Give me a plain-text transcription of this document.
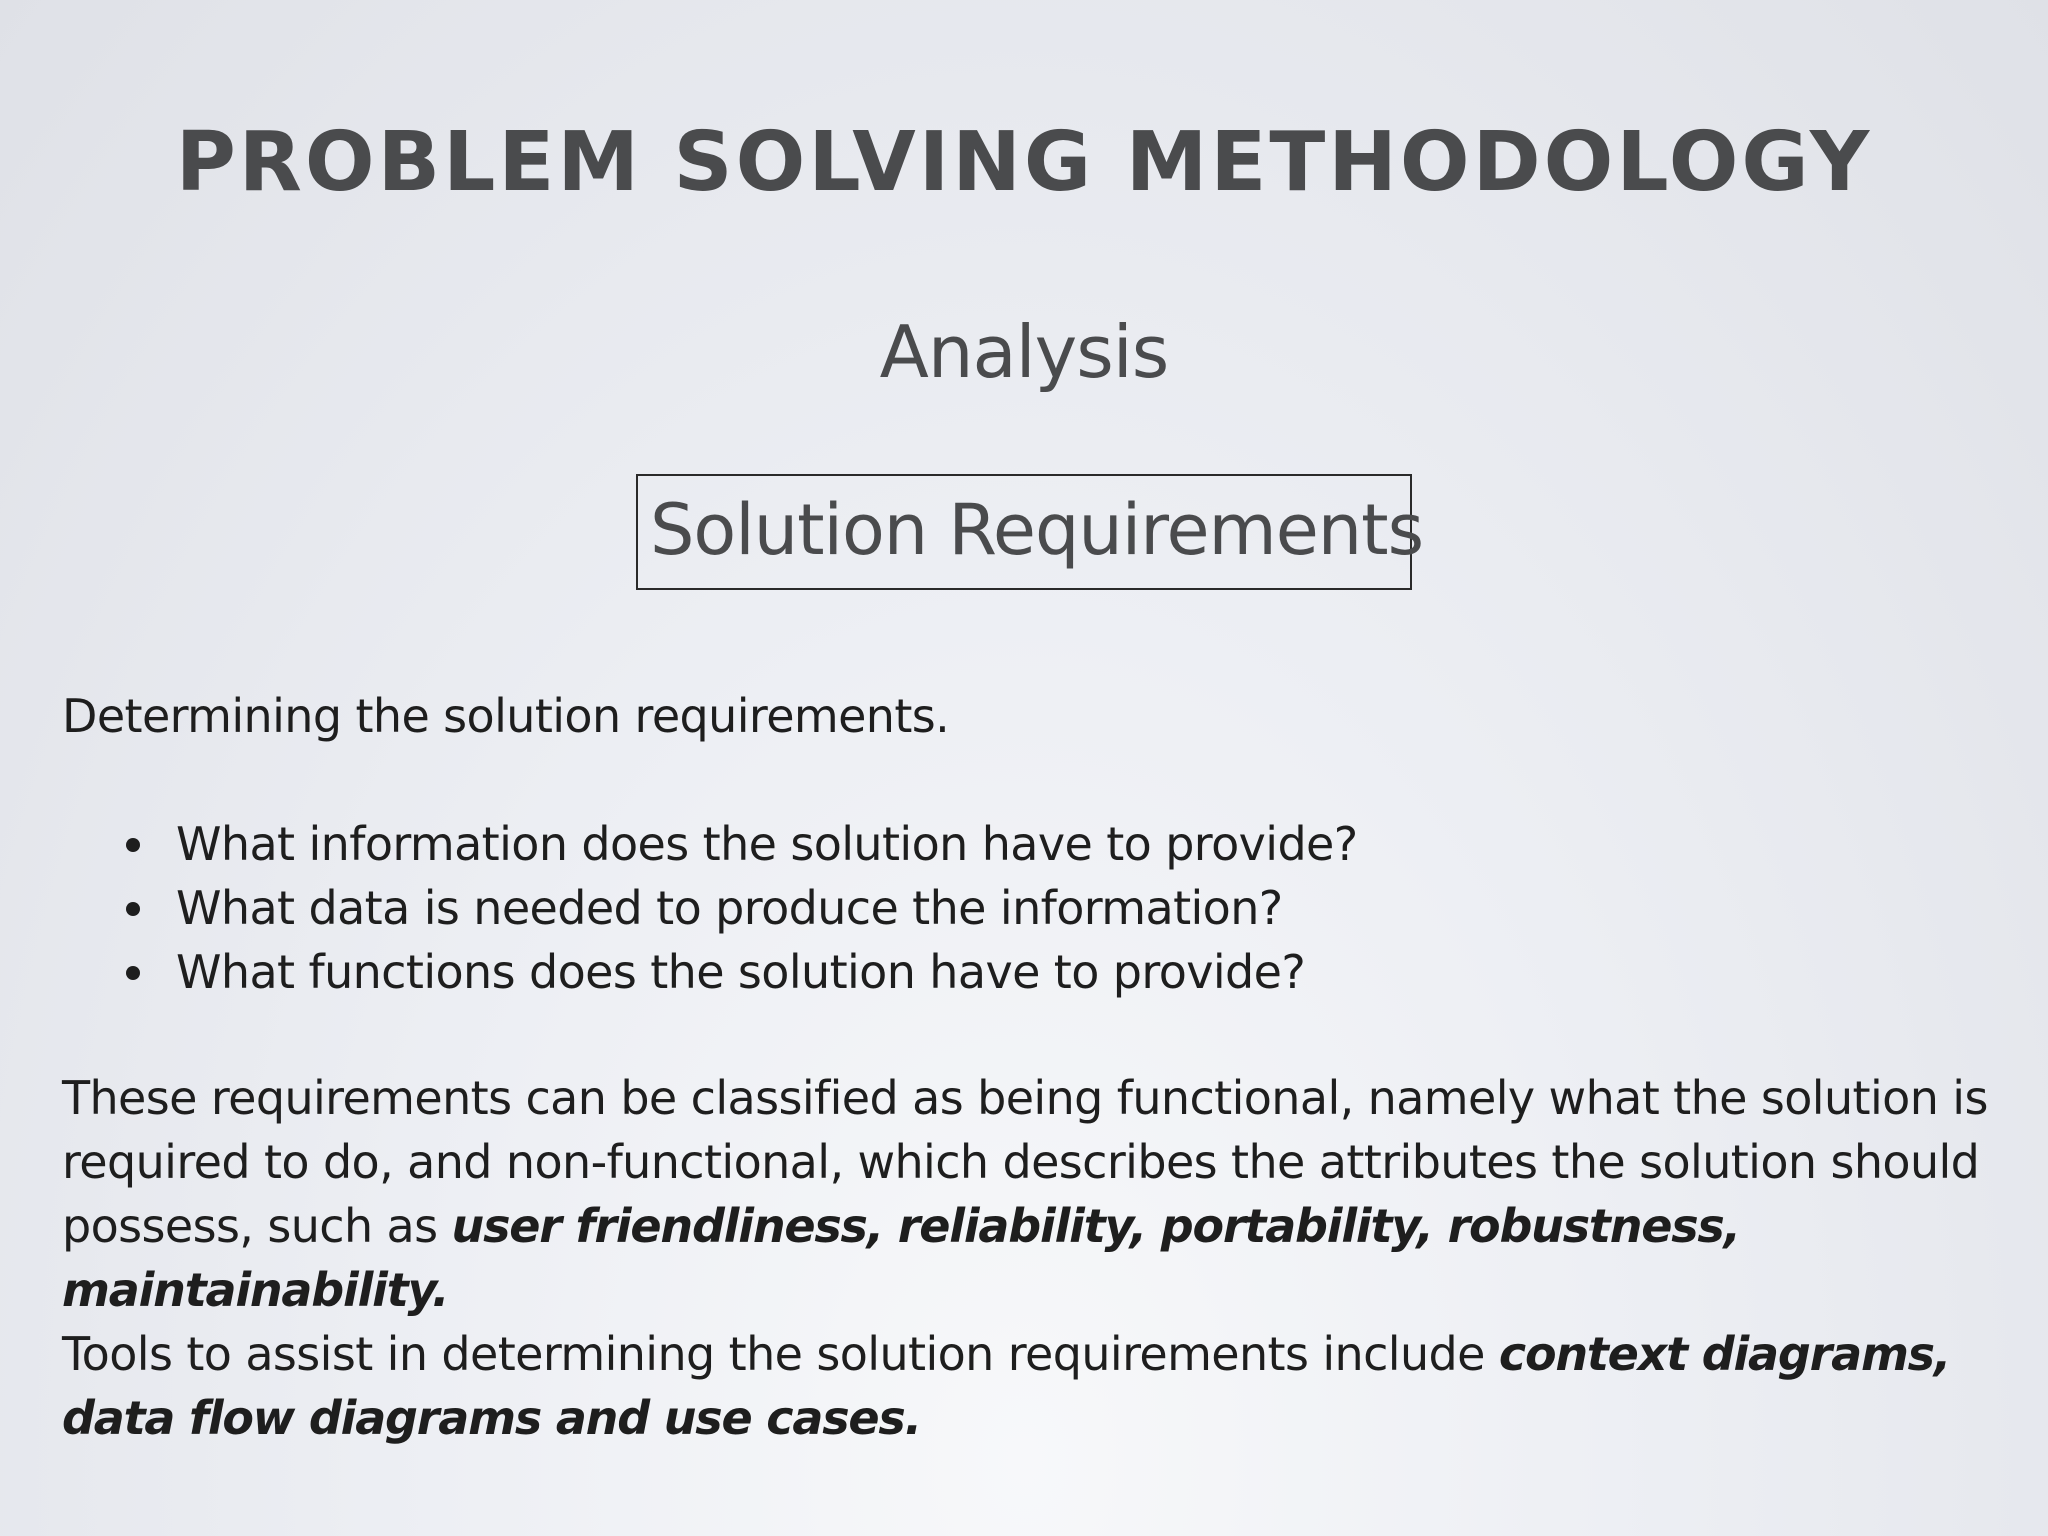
PROBLEM SOLVING METHODOLOGY
Analysis
Solution Requirements
Determining the solution requirements.
What information does the solution have to provide?
What data is needed to produce the information?
What functions does the solution have to provide?
These requirements can be classified as being functional, namely what the solution is required to do, and non-functional, which describes the attributes the solution should possess, such as user friendliness, reliability, portability, robustness, maintainability.
Tools to assist in determining the solution requirements include context diagrams, data flow diagrams and use cases.
